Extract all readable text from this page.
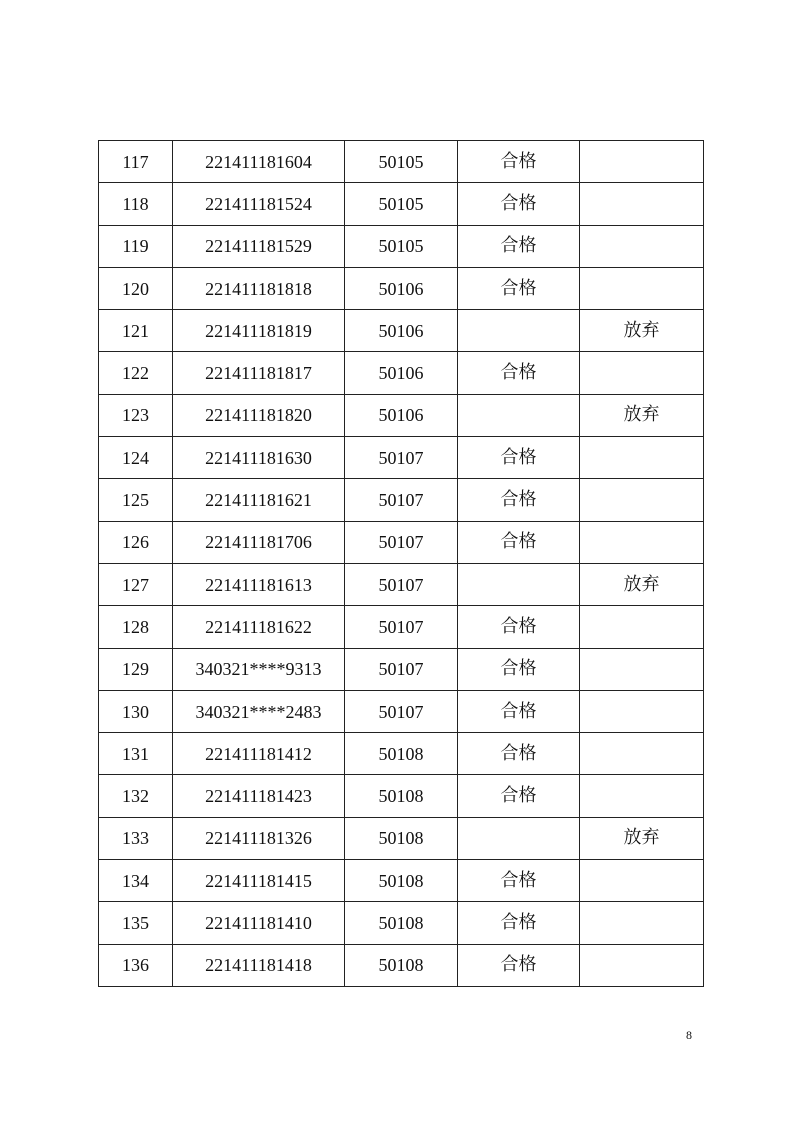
117	221411181604	50105	合格	
118	221411181524	50105	合格	
119	221411181529	50105	合格	
120	221411181818	50106	合格	
121	221411181819	50106		放弃
122	221411181817	50106	合格	
123	221411181820	50106		放弃
124	221411181630	50107	合格	
125	221411181621	50107	合格	
126	221411181706	50107	合格	
127	221411181613	50107		放弃
128	221411181622	50107	合格	
129	340321****9313	50107	合格	
130	340321****2483	50107	合格	
131	221411181412	50108	合格	
132	221411181423	50108	合格	
133	221411181326	50108		放弃
134	221411181415	50108	合格	
135	221411181410	50108	合格	
136	221411181418	50108	合格	
8
